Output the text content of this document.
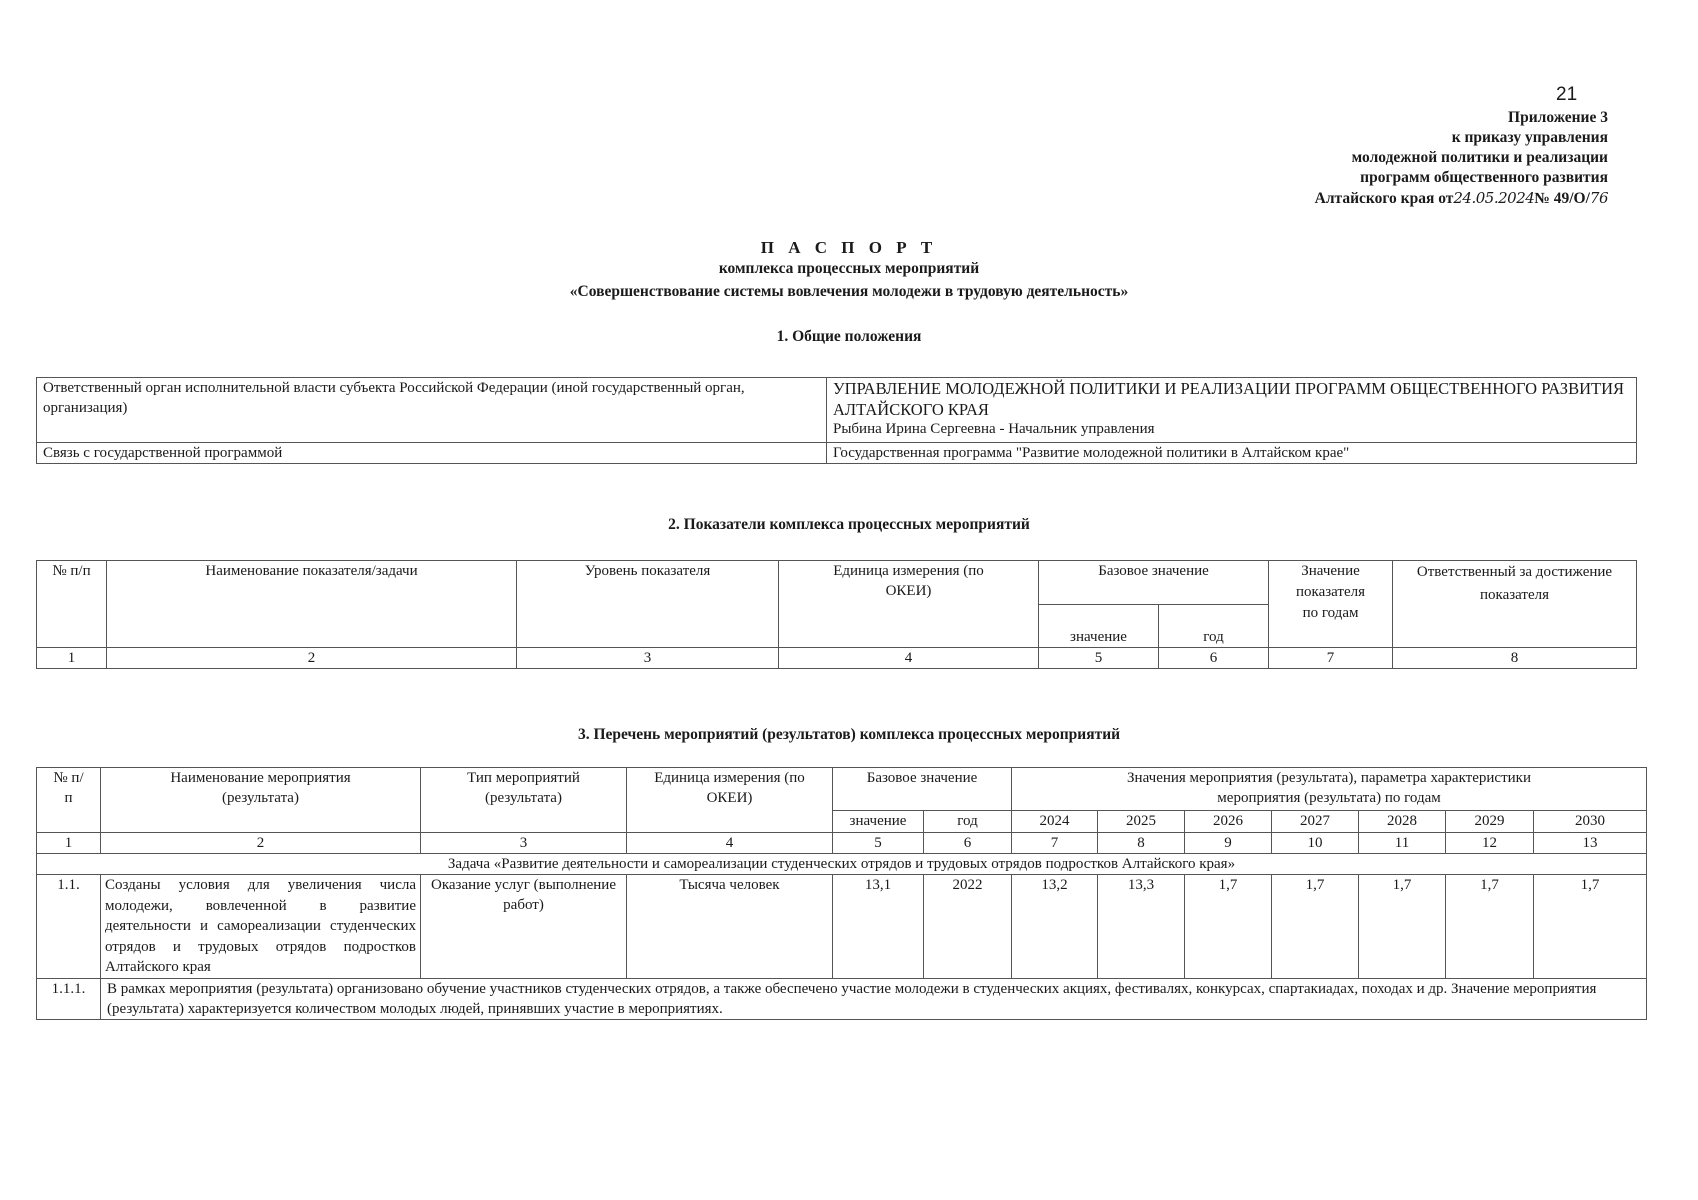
21
Приложение 3
к приказу управления
молодежной политики и реализации
программ общественного развития
Алтайского края от24.05.2024№ 49/О/76
П А С П О Р Т
комплекса процессных мероприятий
«Совершенствование системы вовлечения молодежи в трудовую деятельность»
1. Общие положения
Ответственный орган исполнительной власти субъекта Российской Федерации (иной государственный орган, организация)	УПРАВЛЕНИЕ МОЛОДЕЖНОЙ ПОЛИТИКИ И РЕАЛИЗАЦИИ ПРОГРАММ ОБЩЕСТВЕННОГО РАЗВИТИЯ АЛТАЙСКОГО КРАЯ
Рыбина Ирина Сергеевна - Начальник управления

Связь с государственной программой	Государственная программа "Развитие молодежной политики в Алтайском крае"
2. Показатели комплекса процессных мероприятий
№ п/п	Наименование показателя/задачи	Уровень показателя	Единица измерения (по ОКЕИ)	Базовое значение		Значение показателя по годам	Ответственный за достижение показателя
				значение	год		
1	2	3	4	5	6	7	8
3. Перечень мероприятий (результатов) комплекса процессных мероприятий
№ п/п	Наименование мероприятия (результата)	Тип мероприятий (результата)	Единица измерения (по ОКЕИ)	Базовое значение		Значения мероприятия (результата), параметра характеристики мероприятия (результата) по годам						
				значение	год	2024	2025	2026	2027	2028	2029	2030
1	2	3	4	5	6	7	8	9	10	11	12	13
Задача «Развитие деятельности и самореализации студенческих отрядов и трудовых отрядов подростков Алтайского края»												
1.1.	Созданы условия для увеличения числа молодежи, вовлеченной в развитие деятельности и самореализации студенческих отрядов и трудовых отрядов подростков Алтайского края	Оказание услуг (выполнение работ)	Тысяча человек	13,1	2022	13,2	13,3	1,7	1,7	1,7	1,7	1,7
1.1.1.	В рамках мероприятия (результата) организовано обучение участников студенческих отрядов, а также обеспечено участие молодежи в студенческих акциях, фестивалях, конкурсах, спартакиадах, походах и др. Значение мероприятия (результата) характеризуется количеством молодых людей, принявших участие в мероприятиях.											
